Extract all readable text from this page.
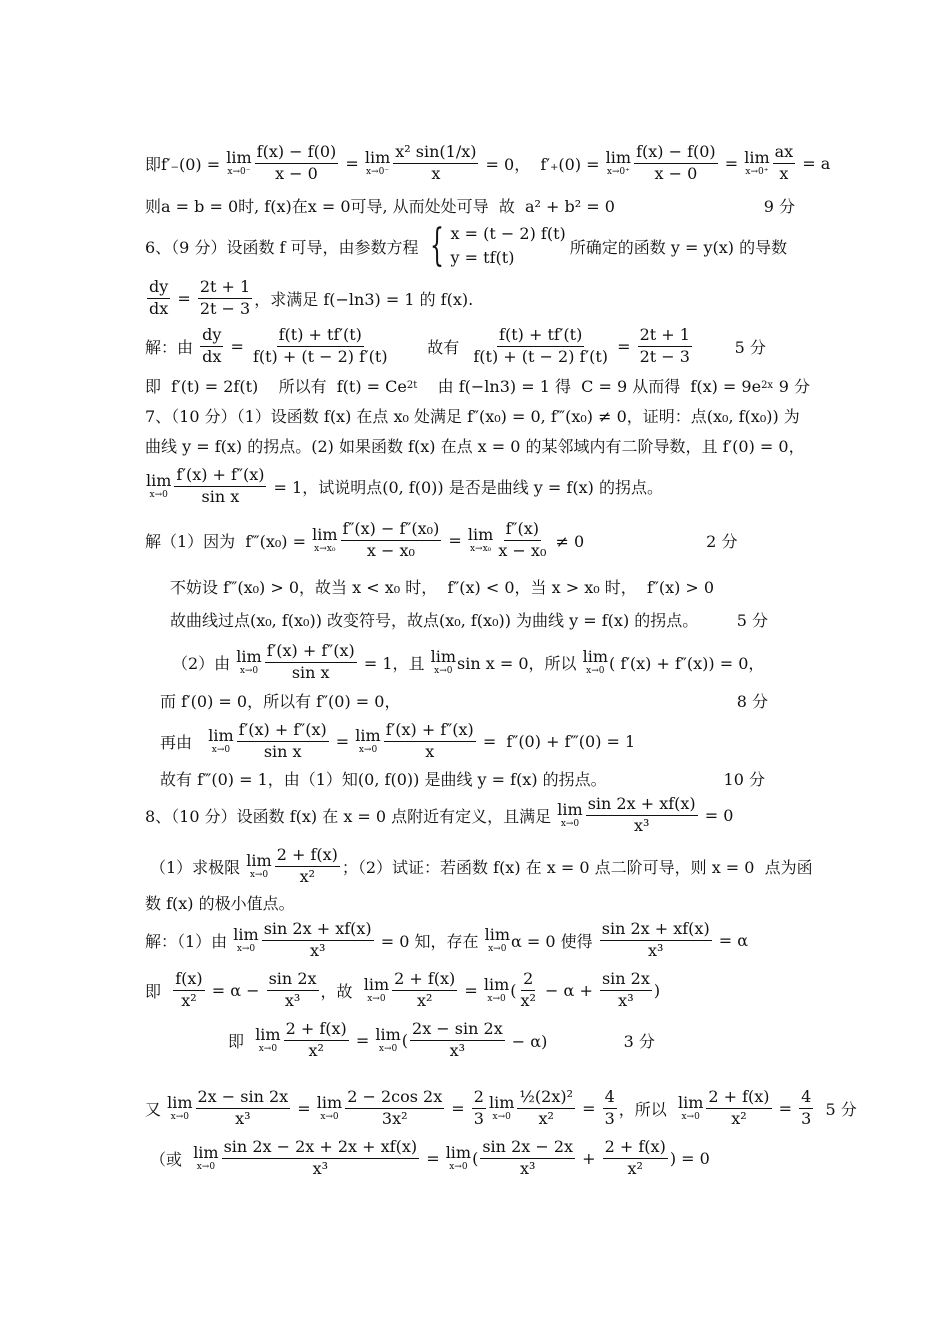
即f′₋(0) = lim
$x\to 0^- \frac{f(x) - f(0)}{x - 0} = \lim$
$x\to 0^- \frac{\text{x² sin(1/x)}}{x} = 0$，  f′₊(0) = lim
$x\to 0^+ \frac{f(x) - f(0)}{x - 0} = \lim$
$x\to 0^+ \frac{ax}{x} = a$
则a = b = 0时, f(x)在x = 0可导, 从而处处可导  故  a² + b² = 0	9 分
6、（9 分）设函数 f 可导，由参数方程 { x = (t − 2) f(t)
y = tf(t)
所确定的函数 y = y(x) 的导数
$\frac{dy}{dx} = \frac{2t + 1}{2t - 3}$ ，求满足 f(−ln3) = 1 的 f(x).
解：由 $\frac{dy}{dx} = \frac{f(t) + tf'(t)}{f(t) + (t - 2) f'(t)}$ 故有 $\frac{f(t) + tf'(t)}{f(t) + (t - 2) f'(t)} = \frac{2t + 1}{2t - 3} 5$ 分
即  f′(t) = 2f(t)    所以有  f(t) = Ce 2t 由 f(−ln3) = 1 得  C = 9 从而得  f(x) = 9e 2x 9 分
7、（10 分）（1）设函数 f(x) 在点 x₀ 处满足 f″(x₀) = 0, f‴(x₀) ≠ 0，证明：点(x₀, f(x₀)) 为
曲线 y = f(x) 的拐点。(2) 如果函数 f(x) 在点 x = 0 的某邻域内有二阶导数，且 f′(0) = 0，
lim
$x\to 0 \frac{f'(x) + f''(x)}{\text{sin x}} = 1$，试说明点(0, f(0)) 是否是曲线 y = f(x) 的拐点。
解（1）因为  f‴(x₀) = lim
$x\to x_0 \frac{\text{f″(x) − f″(x₀)}}{\text{x − x₀}} = \lim$
$x\to x_0 \frac{f''(x)}{\text{x − x₀}} \ne 0$                        2 分
不妨设 f‴(x₀) > 0，故当 x < x₀ 时，  f″(x) < 0，当 x > x₀ 时，  f″(x) > 0
故曲线过点(x₀, f(x₀)) 改变符号，故点(x₀, f(x₀)) 为曲线 y = f(x) 的拐点。 5 分
（2）由 lim
$x\to 0 \frac{f'(x) + f''(x)}{\text{sin x}} = 1$，且 lim
x→0 sin x = 0，所以 lim
x→0 ( f′(x) + f″(x)) = 0，
而 f′(0) = 0，所以有 f″(0) = 0，	8 分
再由 lim
$x\to 0 \frac{f'(x) + f''(x)}{\text{sin x}} = \lim$
$x\to 0 \frac{f'(x) + f''(x)}{x} = f''(0)$ + f‴(0) = 1
故有 f‴(0) = 1，由（1）知(0, f(0)) 是曲线 y = f(x) 的拐点。	10 分
8、（10 分）设函数 f(x) 在 x = 0 点附近有定义，且满足 lim
$x\to 0 \frac{\sin 2x + xf(x)}{\text{x³}} = 0$
（1）求极限 lim
$x\to 0 \frac{2 + f(x)}{\text{x²}}$ ；（2）试证：若函数 f(x) 在 x = 0 点二阶可导，则 x = 0  点为函
数 f(x) 的极小值点。
解：（1）由 lim
$x\to 0 \frac{\sin 2x + xf(x)}{\text{x³}} = 0$ 知，存在 lim
x→0 α = 0 使得 $\frac{\sin 2x + xf(x)}{\text{x³}} = \alpha$
即 $\frac{f(x)}{\text{x²}} = \alpha - \frac{\sin 2x}{\text{x³}}$ ，故 lim
$x\to 0 \frac{2 + f(x)}{\text{x²}} = \lim$
x→0 ( $\frac{2}{\text{x²}} - \alpha + \frac{\sin 2x}{\text{x³}}$ )
即 lim
$x\to 0 \frac{2 + f(x)}{\text{x²}} = \lim$
x→0 ( $\frac{2x - \sin 2x}{\text{x³}} - \alpha$)               3 分
又 lim
$x\to 0 \frac{2x - \sin 2x}{\text{x³}} = \lim$
$x\to 0 \frac{2 - 2\cos 2x}{\text{3x²}} = \frac{2}{3}$ lim
$x\to 0 \frac{\text{½(2x)²}}{\text{x²}} = \frac{4}{3}$ ，所以 lim
$x\to 0 \frac{2 + f(x)}{\text{x²}} = \frac{4}{3} 5$ 分
（或 lim
$x\to 0 \frac{\sin 2x - 2x + 2x + xf(x)}{\text{x³}} = \lim$
x→0 ( $\frac{\sin 2x - 2x}{\text{x³}} + \frac{2 + f(x)}{\text{x²}}$ ) = 0
